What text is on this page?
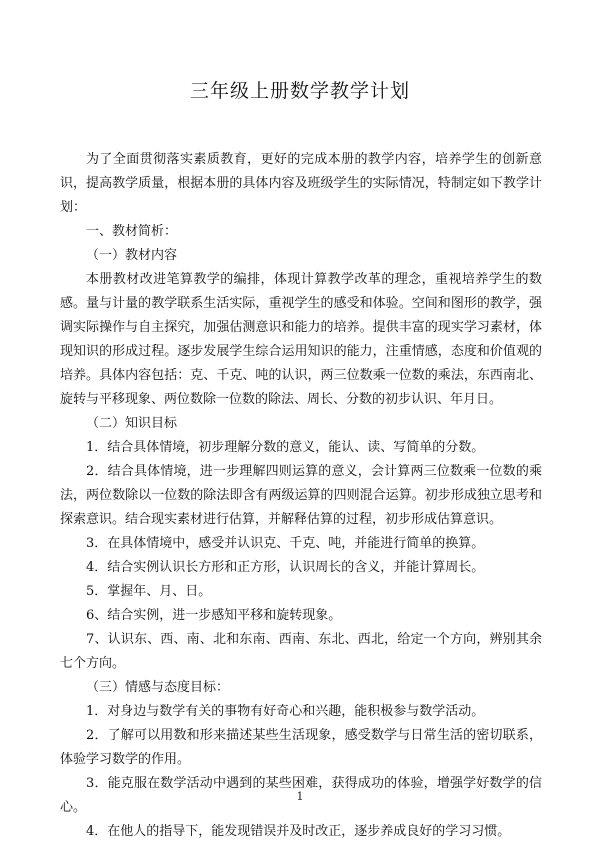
三年级上册数学教学计划

为了全面贯彻落实素质教育，更好的完成本册的教学内容，培养学生的创新意识，提高教学质量，根据本册的具体内容及班级学生的实际情况，特制定如下教学计划：

一、教材简析：

（一）教材内容

本册教材改进笔算教学的编排，体现计算教学改革的理念，重视培养学生的数感。量与计量的教学联系生活实际，重视学生的感受和体验。空间和图形的教学，强调实际操作与自主探究，加强估测意识和能力的培养。提供丰富的现实学习素材，体现知识的形成过程。逐步发展学生综合运用知识的能力，注重情感，态度和价值观的培养。具体内容包括：克、千克、吨的认识，两三位数乘一位数的乘法，东西南北、旋转与平移现象、两位数除一位数的除法、周长、分数的初步认识、年月日。

（二）知识目标

1．结合具体情境，初步理解分数的意义，能认、读、写简单的分数。

2．结合具体情境，进一步理解四则运算的意义，会计算两三位数乘一位数的乘法，两位数除以一位数的除法即含有两级运算的四则混合运算。初步形成独立思考和探索意识。结合现实素材进行估算，并解释估算的过程，初步形成估算意识。

3．在具体情境中，感受并认识克、千克、吨，并能进行简单的换算。

4．结合实例认识长方形和正方形，认识周长的含义，并能计算周长。

5．掌握年、月、日。

6、结合实例，进一步感知平移和旋转现象。

7、认识东、西、南、北和东南、西南、东北、西北，给定一个方向，辨别其余七个方向。

（三）情感与态度目标：

1．对身边与数学有关的事物有好奇心和兴趣，能积极参与数学活动。

2．了解可以用数和形来描述某些生活现象，感受数学与日常生活的密切联系，体验学习数学的作用。

3．能克服在数学活动中遇到的某些困难，获得成功的体验，增强学好数学的信心。

4．在他人的指导下，能发现错误并及时改正，逐步养成良好的学习习惯。

1
